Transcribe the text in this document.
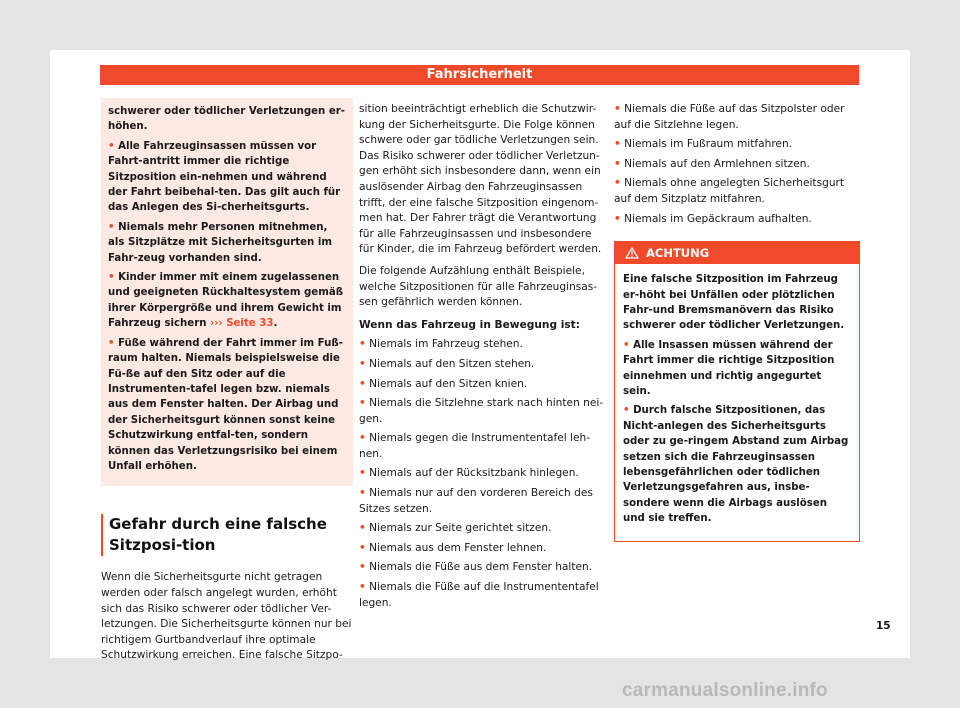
Fahrsicherheit

schwerer oder tödlicher Verletzungen er-höhen.

• Alle Fahrzeuginsassen müssen vor Fahrt-antritt immer die richtige Sitzposition ein-nehmen und während der Fahrt beibehal-ten. Das gilt auch für das Anlegen des Si-cherheitsgurts.

• Niemals mehr Personen mitnehmen, als Sitzplätze mit Sicherheitsgurten im Fahr-zeug vorhanden sind.

• Kinder immer mit einem zugelassenen und geeigneten Rückhaltesystem gemäß ihrer Körpergröße und ihrem Gewicht im Fahrzeug sichern ››› Seite 33.

• Füße während der Fahrt immer im Fuß-raum halten. Niemals beispielsweise die Fü-ße auf den Sitz oder auf die Instrumenten-tafel legen bzw. niemals aus dem Fenster halten. Der Airbag und der Sicherheitsgurt können sonst keine Schutzwirkung entfal-ten, sondern können das Verletzungsrisiko bei einem Unfall erhöhen.

Gefahr durch eine falsche Sitzposi-tion

Wenn die Sicherheitsgurte nicht getragen werden oder falsch angelegt wurden, erhöht sich das Risiko schwerer oder tödlicher Ver-letzungen. Die Sicherheitsgurte können nur bei richtigem Gurtbandverlauf ihre optimale Schutzwirkung erreichen. Eine falsche Sitzpo-

sition beeinträchtigt erheblich die Schutzwir-kung der Sicherheitsgurte. Die Folge können schwere oder gar tödliche Verletzungen sein. Das Risiko schwerer oder tödlicher Verletzun-gen erhöht sich insbesondere dann, wenn ein auslösender Airbag den Fahrzeuginsassen trifft, der eine falsche Sitzposition eingenom-men hat. Der Fahrer trägt die Verantwortung für alle Fahrzeuginsassen und insbesondere für Kinder, die im Fahrzeug befördert werden.

Die folgende Aufzählung enthält Beispiele, welche Sitzpositionen für alle Fahrzeuginsas-sen gefährlich werden können.

Wenn das Fahrzeug in Bewegung ist:

• Niemals im Fahrzeug stehen.

• Niemals auf den Sitzen stehen.

• Niemals auf den Sitzen knien.

• Niemals die Sitzlehne stark nach hinten nei-gen.

• Niemals gegen die Instrumententafel leh-nen.

• Niemals auf der Rücksitzbank hinlegen.

• Niemals nur auf den vorderen Bereich des Sitzes setzen.

• Niemals zur Seite gerichtet sitzen.

• Niemals aus dem Fenster lehnen.

• Niemals die Füße aus dem Fenster halten.

• Niemals die Füße auf die Instrumententafel legen.

• Niemals die Füße auf das Sitzpolster oder auf die Sitzlehne legen.

• Niemals im Fußraum mitfahren.

• Niemals auf den Armlehnen sitzen.

• Niemals ohne angelegten Sicherheitsgurt auf dem Sitzplatz mitfahren.

• Niemals im Gepäckraum aufhalten.

ACHTUNG

Eine falsche Sitzposition im Fahrzeug er-höht bei Unfällen oder plötzlichen Fahr-und Bremsmanövern das Risiko schwerer oder tödlicher Verletzungen.

• Alle Insassen müssen während der Fahrt immer die richtige Sitzposition einnehmen und richtig angegurtet sein.

• Durch falsche Sitzpositionen, das Nicht-anlegen des Sicherheitsgurts oder zu ge-ringem Abstand zum Airbag setzen sich die Fahrzeuginsassen lebensgefährlichen oder tödlichen Verletzungsgefahren aus, insbe-sondere wenn die Airbags auslösen und sie treffen.

15
carmanualsonline.info
